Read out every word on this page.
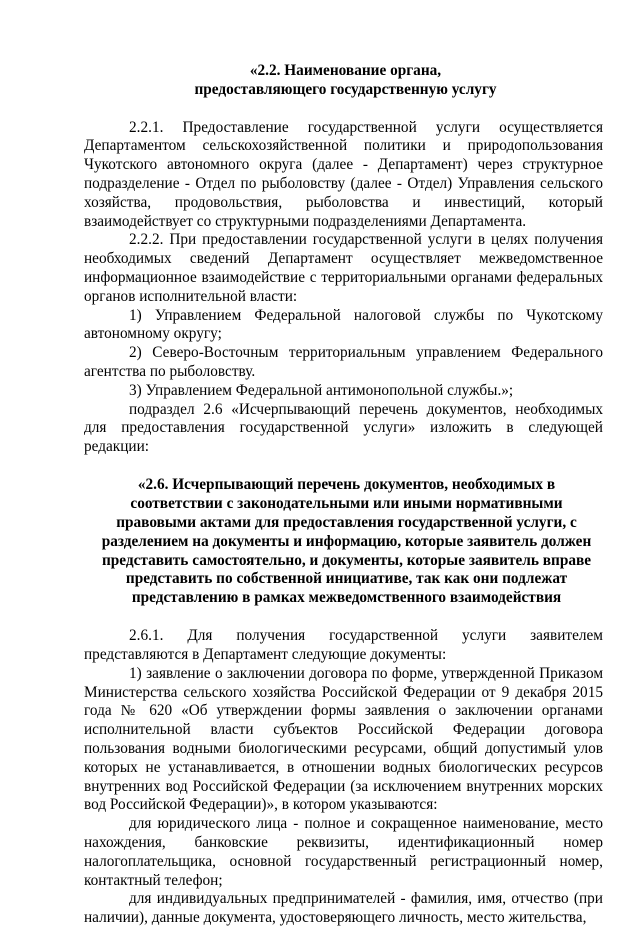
«2.2. Наименование органа,
предоставляющего государственную услугу

2.2.1. Предоставление государственной услуги осуществляется Департаментом сельскохозяйственной политики и природопользования Чукотского автономного округа (далее - Департамент) через структурное подразделение - Отдел по рыболовству (далее - Отдел) Управления сельского хозяйства, продовольствия, рыболовства и инвестиций, который взаимодействует со структурными подразделениями Департамента.

2.2.2. При предоставлении государственной услуги в целях получения необходимых сведений Департамент осуществляет межведомственное информационное взаимодействие с территориальными органами федеральных органов исполнительной власти:

1) Управлением Федеральной налоговой службы по Чукотскому автономному округу;

2) Северо-Восточным территориальным управлением Федерального агентства по рыболовству.

3) Управлением Федеральной антимонопольной службы.»;

подраздел 2.6 «Исчерпывающий перечень документов, необходимых для предоставления государственной услуги» изложить в следующей редакции:

«2.6. Исчерпывающий перечень документов, необходимых в соответствии с законодательными или иными нормативными правовыми актами для предоставления государственной услуги, с разделением на документы и информацию, которые заявитель должен представить самостоятельно, и документы, которые заявитель вправе представить по собственной инициативе, так как они подлежат представлению в рамках межведомственного взаимодействия

2.6.1. Для получения государственной услуги заявителем представляются в Департамент следующие документы:

1) заявление о заключении договора по форме, утвержденной Приказом Министерства сельского хозяйства Российской Федерации от 9 декабря 2015 года № 620 «Об утверждении формы заявления о заключении органами исполнительной власти субъектов Российской Федерации договора пользования водными биологическими ресурсами, общий допустимый улов которых не устанавливается, в отношении водных биологических ресурсов внутренних вод Российской Федерации (за исключением внутренних морских вод Российской Федерации)», в котором указываются:

для юридического лица - полное и сокращенное наименование, место нахождения, банковские реквизиты, идентификационный номер налогоплательщика, основной государственный регистрационный номер, контактный телефон;

для индивидуальных предпринимателей - фамилия, имя, отчество (при наличии), данные документа, удостоверяющего личность, место жительства,
